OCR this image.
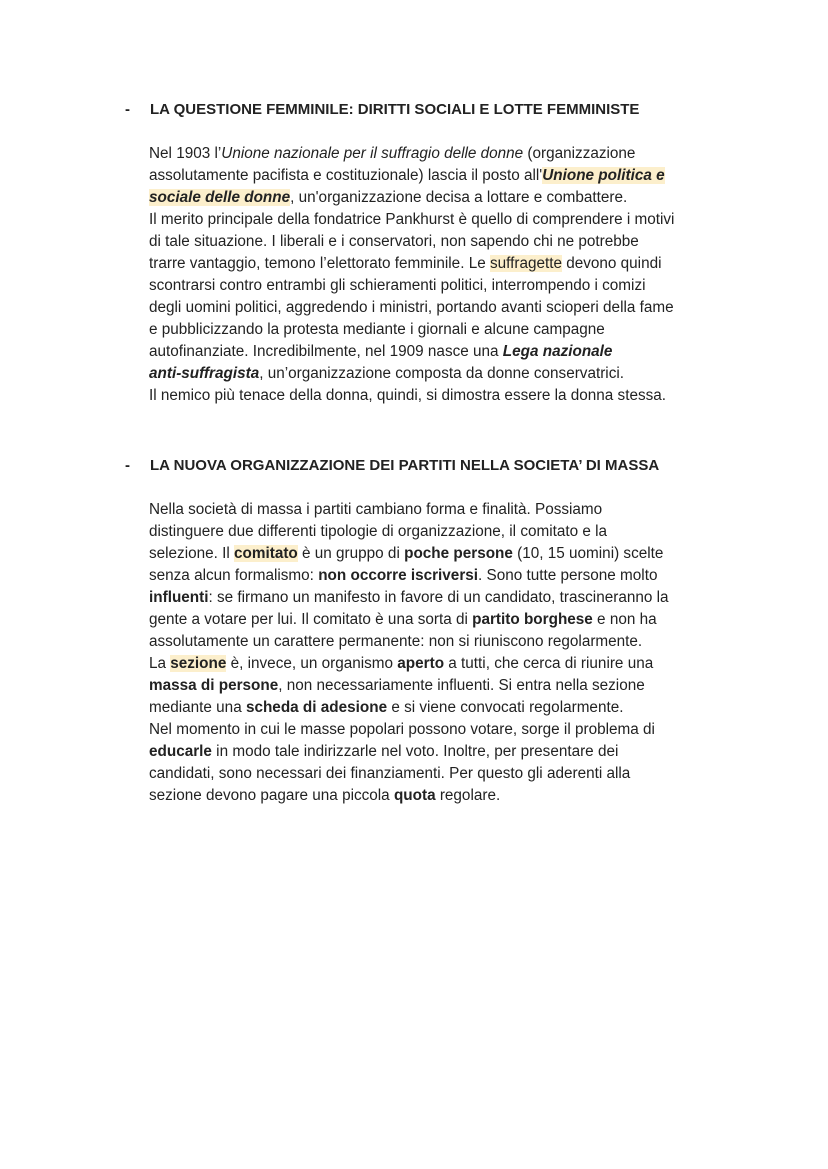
- LA QUESTIONE FEMMINILE: DIRITTI SOCIALI E LOTTE FEMMINISTE

Nel 1903 l’Unione nazionale per il suffragio delle donne (organizzazione
assolutamente pacifista e costituzionale) lascia il posto all'Unione politica e
sociale delle donne, un'organizzazione decisa a lottare e combattere.
Il merito principale della fondatrice Pankhurst è quello di comprendere i motivi
di tale situazione. I liberali e i conservatori, non sapendo chi ne potrebbe
trarre vantaggio, temono l’elettorato femminile. Le suffragette devono quindi
scontrarsi contro entrambi gli schieramenti politici, interrompendo i comizi
degli uomini politici, aggredendo i ministri, portando avanti scioperi della fame
e pubblicizzando la protesta mediante i giornali e alcune campagne
autofinanziate. Incredibilmente, nel 1909 nasce una Lega nazionale
anti-suffragista, un’organizzazione composta da donne conservatrici.
Il nemico più tenace della donna, quindi, si dimostra essere la donna stessa.

- LA NUOVA ORGANIZZAZIONE DEI PARTITI NELLA SOCIETA’ DI MASSA

Nella società di massa i partiti cambiano forma e finalità. Possiamo
distinguere due differenti tipologie di organizzazione, il comitato e la
selezione. Il comitato è un gruppo di poche persone (10, 15 uomini) scelte
senza alcun formalismo: non occorre iscriversi. Sono tutte persone molto
influenti: se firmano un manifesto in favore di un candidato, trascineranno la
gente a votare per lui. Il comitato è una sorta di partito borghese e non ha
assolutamente un carattere permanente: non si riuniscono regolarmente.
La sezione è, invece, un organismo aperto a tutti, che cerca di riunire una
massa di persone, non necessariamente influenti. Si entra nella sezione
mediante una scheda di adesione e si viene convocati regolarmente.
Nel momento in cui le masse popolari possono votare, sorge il problema di
educarle in modo tale indirizzarle nel voto. Inoltre, per presentare dei
candidati, sono necessari dei finanziamenti. Per questo gli aderenti alla
sezione devono pagare una piccola quota regolare.
